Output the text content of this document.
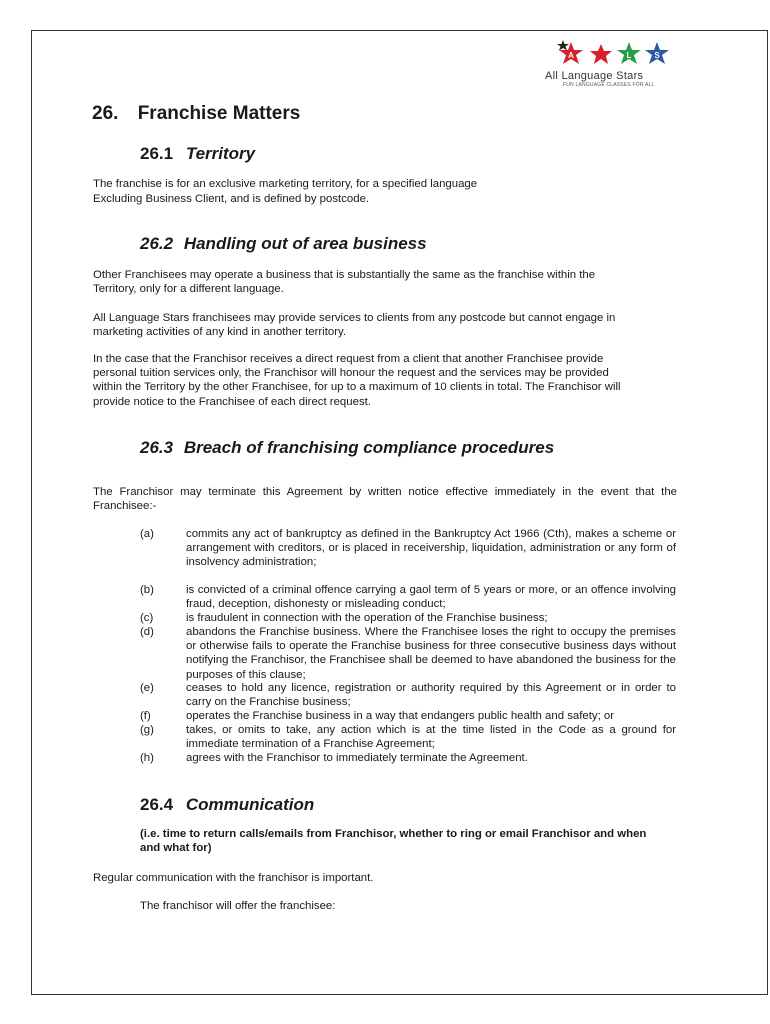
A	L	S
All Language Stars
FUN LANGUAGE CLASSES FOR ALL
26. Franchise Matters
26.1 Territory

The franchise is for an exclusive marketing territory, for a specified language

Excluding Business Client, and is defined by postcode.

26.2 Handling out of area business

Other Franchisees may operate a business that is substantially the same as the franchise within the Territory, only for a different language.

All Language Stars franchisees may provide services to clients from any postcode but cannot engage in marketing activities of any kind in another territory.

In the case that the Franchisor receives a direct request from a client that another Franchisee provide personal tuition services only, the Franchisor will honour the request and the services may be provided within the Territory by the other Franchisee, for up to a maximum of 10 clients in total. The Franchisor will provide notice to the Franchisee of each direct request.

26.3 Breach of franchising compliance procedures

The Franchisor may terminate this Agreement by written notice effective immediately in the event that the Franchisee:-

(a)	commits any act of bankruptcy as defined in the Bankruptcy Act 1966 (Cth), makes a scheme or arrangement with creditors, or is placed in receivership, liquidation, administration or any form of insolvency administration;
(b)	is convicted of a criminal offence carrying a gaol term of 5 years or more, or an offence involving fraud, deception, dishonesty or misleading conduct;
(c)	is fraudulent in connection with the operation of the Franchise business;
(d)	abandons the Franchise business. Where the Franchisee loses the right to occupy the premises or otherwise fails to operate the Franchise business for three consecutive business days without notifying the Franchisor, the Franchisee shall be deemed to have abandoned the business for the purposes of this clause;
(e)	ceases to hold any licence, registration or authority required by this Agreement or in order to carry on the Franchise business;
(f)	operates the Franchise business in a way that endangers public health and safety; or
(g)	takes, or omits to take, any action which is at the time listed in the Code as a ground for immediate termination of a Franchise Agreement;
(h)	agrees with the Franchisor to immediately terminate the Agreement.
26.4 Communication

(i.e. time to return calls/emails from Franchisor, whether to ring or email Franchisor and when and what for)

Regular communication with the franchisor is important.

The franchisor will offer the franchisee:
